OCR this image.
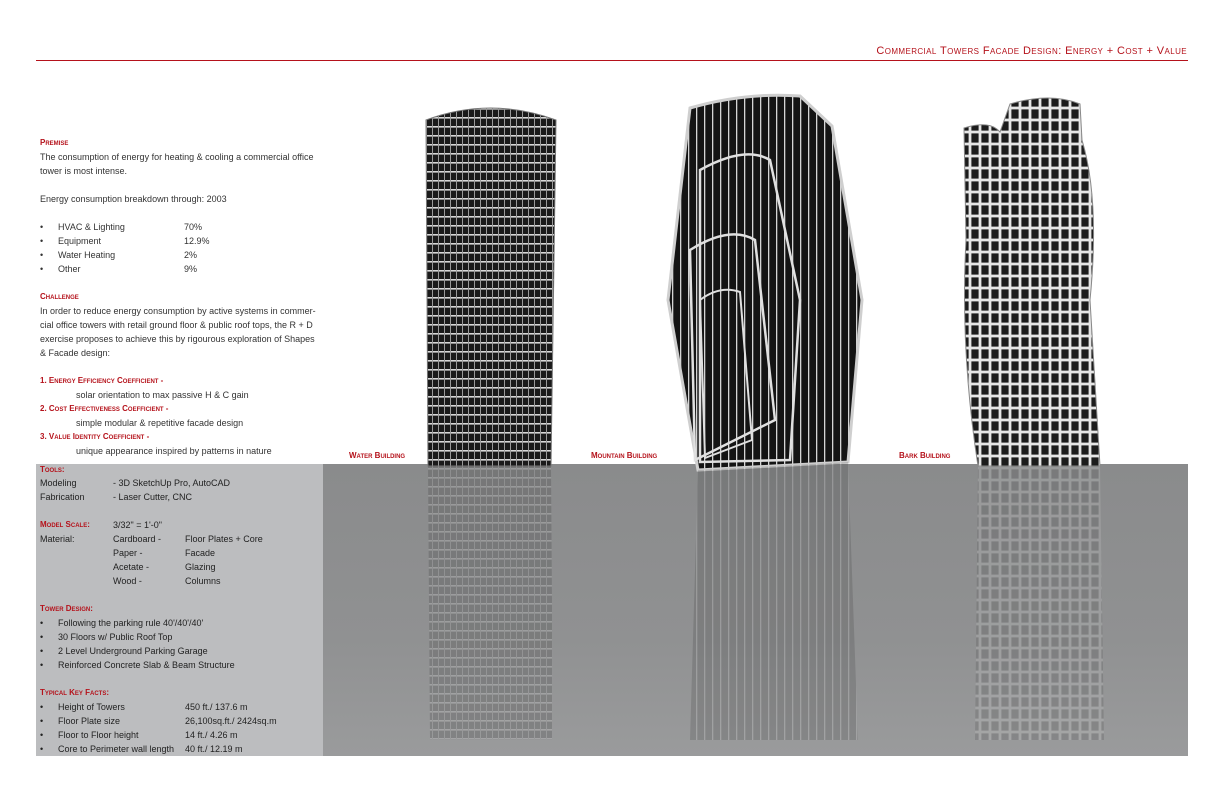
Commercial Towers Facade Design: Energy + Cost + Value
Premise
The consumption of energy for heating & cooling a commercial office
tower is most intense.
Energy consumption breakdown through: 2003
• HVAC & Lighting	70%
• Equipment	12.9%
• Water Heating	2%
• Other	9%
Challenge
In order to reduce energy consumption by active systems in commer-
cial office towers with retail ground floor & public roof tops, the R + D
exercise proposes to achieve this by rigourous exploration of Shapes
& Facade design:
1. Energy Efficiency Coefficient -
solar orientation to max passive H & C gain
2. Cost Effectiveness Coefficient -
simple modular & repetitive facade design
3. Value Identity Coefficient -
unique appearance inspired by patterns in nature	Water Building	Mountain Building	Bark Building
Tools:
Modeling	- 3D SketchUp Pro, AutoCAD
Fabrication	- Laser Cutter, CNC
Model Scale:	3/32" = 1'-0"
Material:	Cardboard -	Floor Plates + Core
Paper -	Facade
Acetate -	Glazing
Wood -	Columns
Tower Design:
• Following the parking rule 40'/40'/40'
• 30 Floors w/ Public Roof Top
• 2 Level Underground Parking Garage
• Reinforced Concrete Slab & Beam Structure
Typical Key Facts:
• Height of Towers	450 ft./ 137.6 m
• Floor Plate size	26,100sq.ft./ 2424sq.m
• Floor to Floor height	14 ft./ 4.26 m
• Core to Perimeter wall length 40 ft./ 12.19 m
